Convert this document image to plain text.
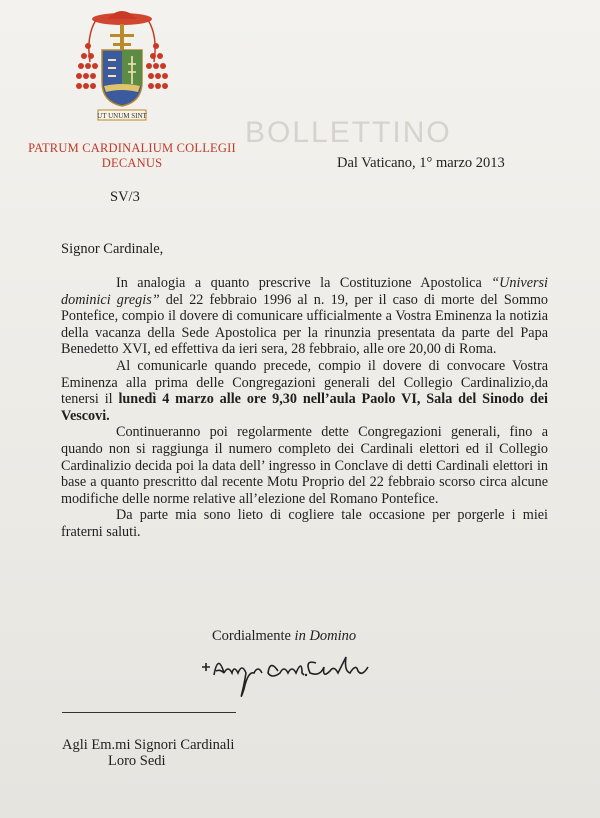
UT UNUM SINT	BOLLETTINO
PATRUM CARDINALIUM COLLEGII
DECANUS	Dal Vaticano, 1° marzo 2013
SV/3
Signor Cardinale,

In analogia a quanto prescrive la Costituzione Apostolica “Universi dominici gregis” del 22 febbraio 1996 al n. 19, per il caso di morte del Sommo Pontefice, compio il dovere di comunicare ufficialmente a Vostra Eminenza la notizia della vacanza della Sede Apostolica per la rinunzia presentata da parte del Papa Benedetto XVI, ed effettiva da ieri sera, 28 febbraio, alle ore 20,00 di Roma.

Al comunicarle quando precede, compio il dovere di convocare Vostra Eminenza alla prima delle Congregazioni generali del Collegio Cardinalizio,da tenersi il lunedì 4 marzo alle ore 9,30 nell’aula Paolo VI, Sala del Sinodo dei Vescovi.

Continueranno poi regolarmente dette Congregazioni generali, fino a quando non si raggiunga il numero completo dei Cardinali elettori ed il Collegio Cardinalizio decida poi la data dell’ ingresso in Conclave di detti Cardinali elettori in base a quanto prescritto dal recente Motu Proprio del 22 febbraio scorso circa alcune modifiche delle norme relative all’elezione del Romano Pontefice.

Da parte mia sono lieto di cogliere tale occasione per porgerle i miei fraterni saluti.

Cordialmente in Domino
Agli Em.mi Signori Cardinali
Loro Sedi
